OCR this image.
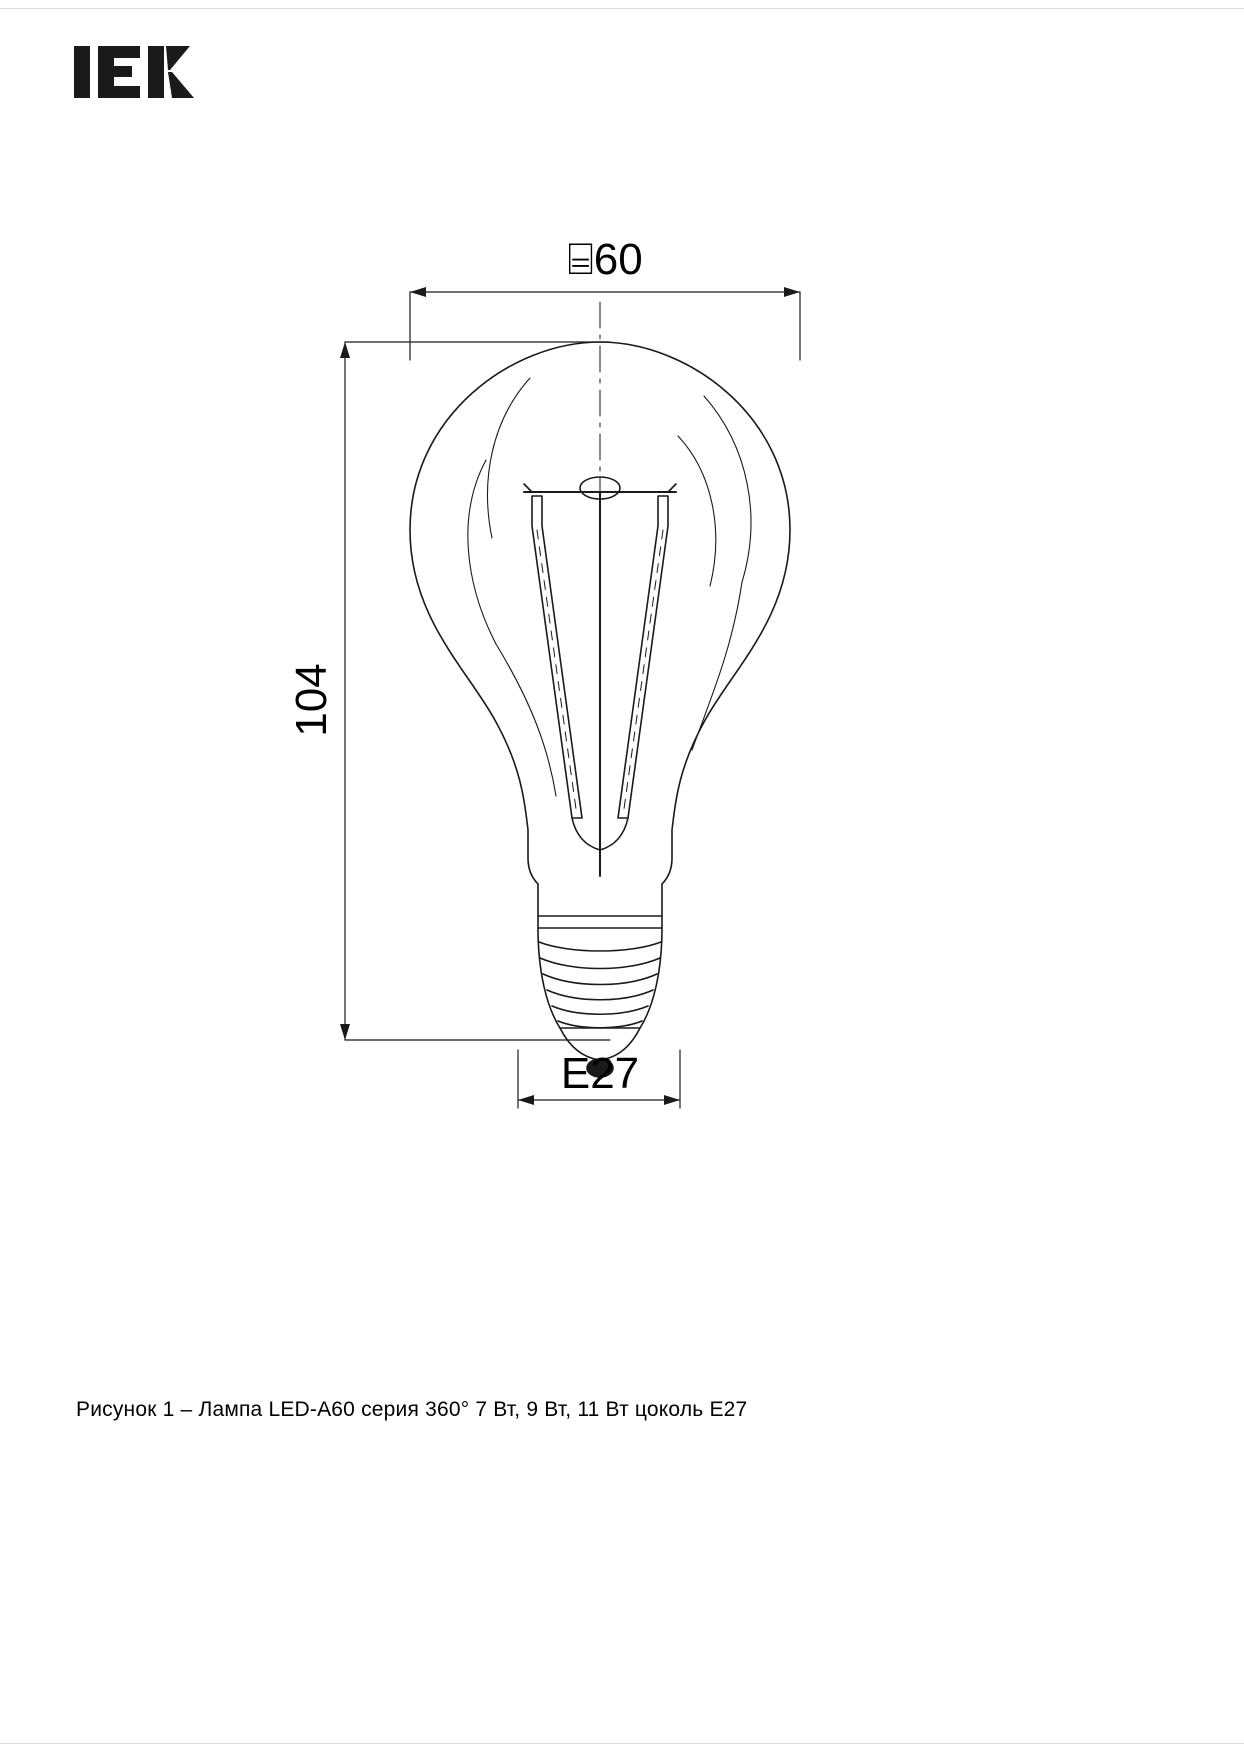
⌸60
104
E27
Рисунок 1 – Лампа LED-A60 серия 360° 7 Вт, 9 Вт, 11 Вт цоколь E27
